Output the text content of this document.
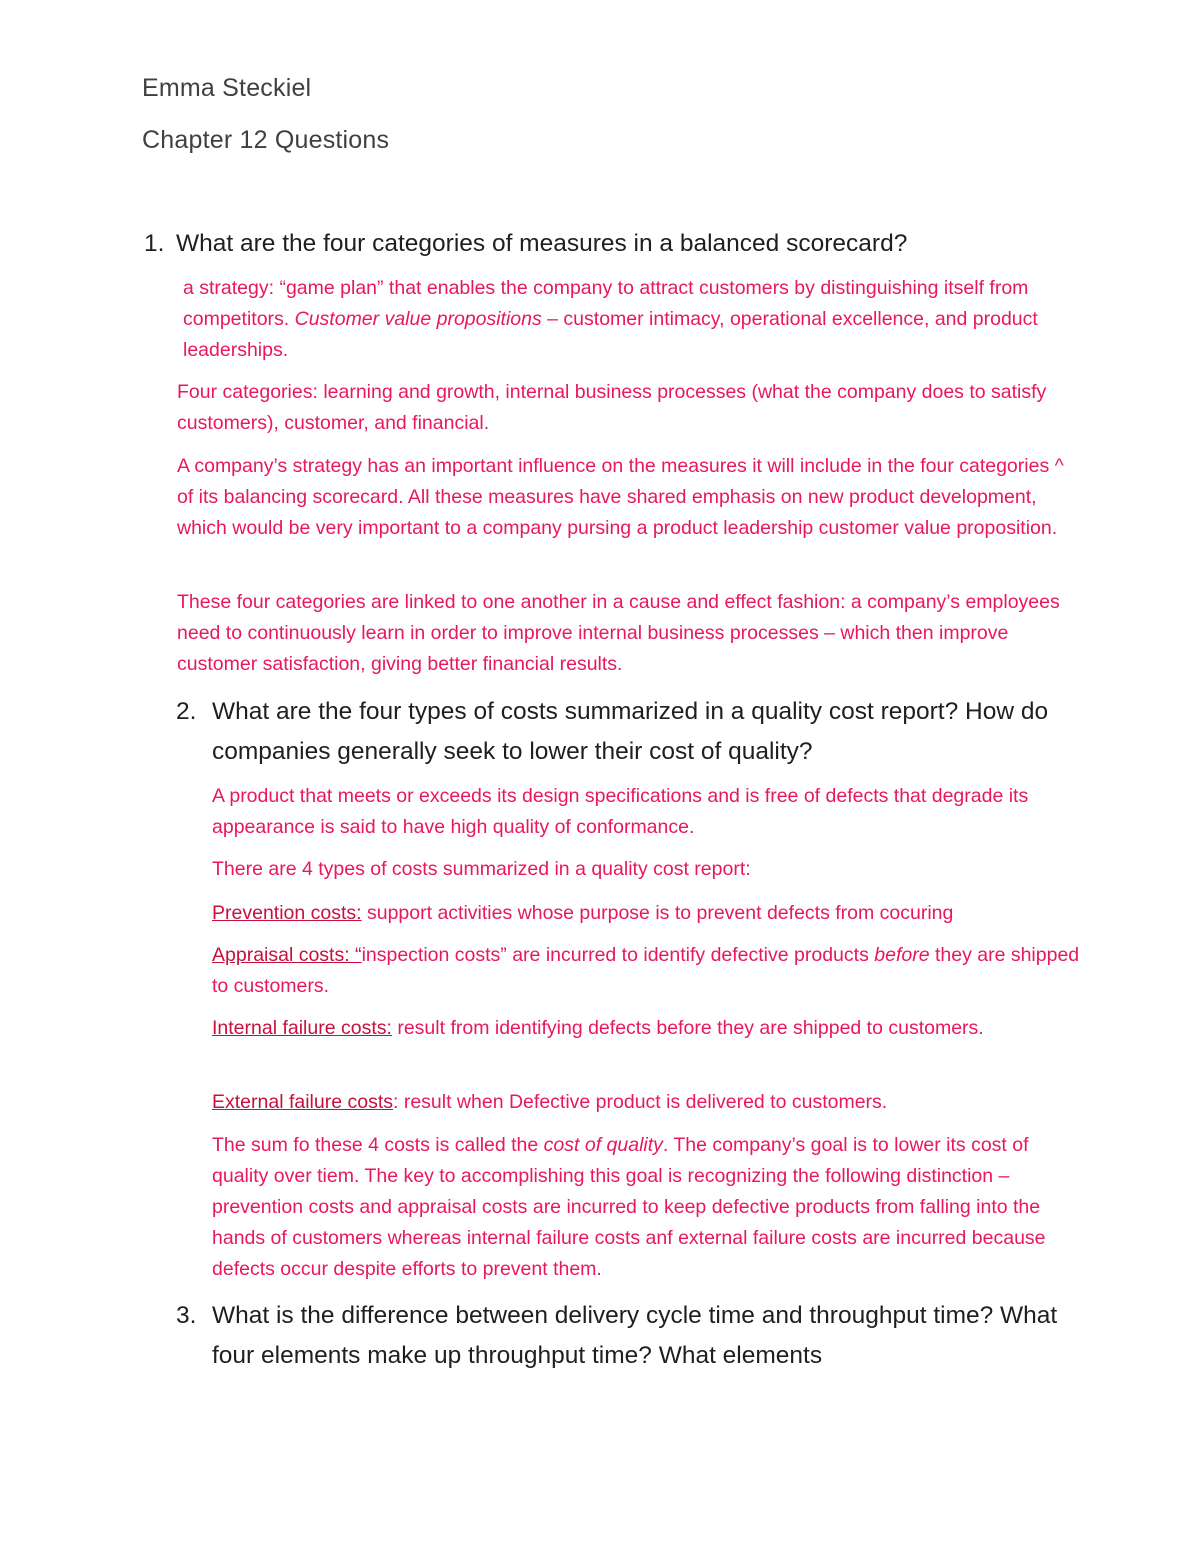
Emma Steckiel
Chapter 12 Questions
1. What are the four categories of measures in a balanced scorecard?

a strategy: “game plan” that enables the company to attract customers by distinguishing itself from competitors. Customer value propositions – customer intimacy, operational excellence, and product leaderships.

Four categories: learning and growth, internal business processes (what the company does to satisfy customers), customer, and financial.

A company’s strategy has an important influence on the measures it will include in the four categories ^ of its balancing scorecard. All these measures have shared emphasis on new product development, which would be very important to a company pursing a product leadership customer value proposition.

These four categories are linked to one another in a cause and effect fashion: a company’s employees need to continuously learn in order to improve internal business processes – which then improve customer satisfaction, giving better financial results.

2. What are the four types of costs summarized in a quality cost report? How do companies generally seek to lower their cost of quality?

A product that meets or exceeds its design specifications and is free of defects that degrade its appearance is said to have high quality of conformance.

There are 4 types of costs summarized in a quality cost report:

Prevention costs: support activities whose purpose is to prevent defects from cocuring

Appraisal costs: “inspection costs” are incurred to identify defective products before they are shipped to customers.

Internal failure costs: result from identifying defects before they are shipped to customers.

External failure costs: result when Defective product is delivered to customers.

The sum fo these 4 costs is called the cost of quality. The company’s goal is to lower its cost of quality over tiem. The key to accomplishing this goal is recognizing the following distinction – prevention costs and appraisal costs are incurred to keep defective products from falling into the hands of customers whereas internal failure costs anf external failure costs are incurred because defects occur despite efforts to prevent them.

3. What is the difference between delivery cycle time and throughput time? What four elements make up throughput time? What elements
